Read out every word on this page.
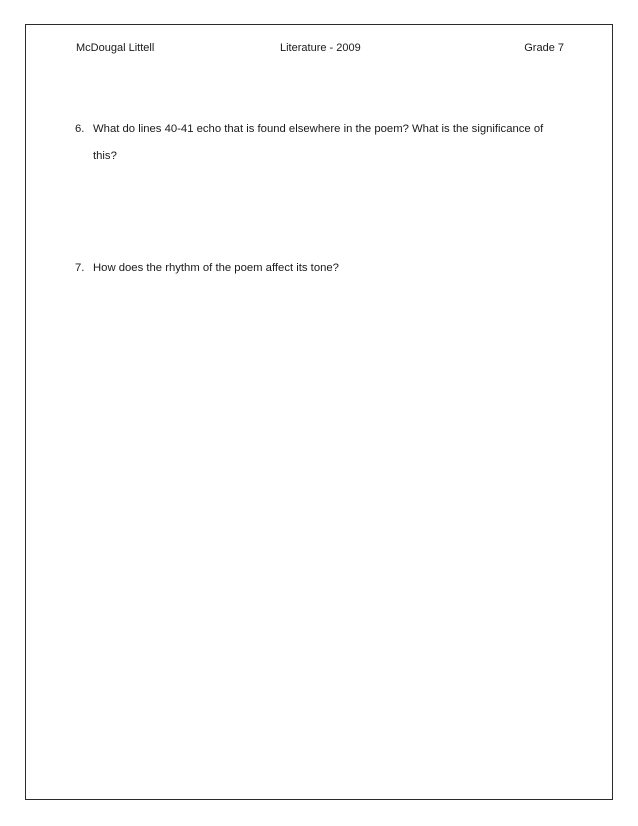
McDougal Littell	Literature - 2009	Grade 7
6. What do lines 40-41 echo that is found elsewhere in the poem? What is the significance of this?
7. How does the rhythm of the poem affect its tone?
